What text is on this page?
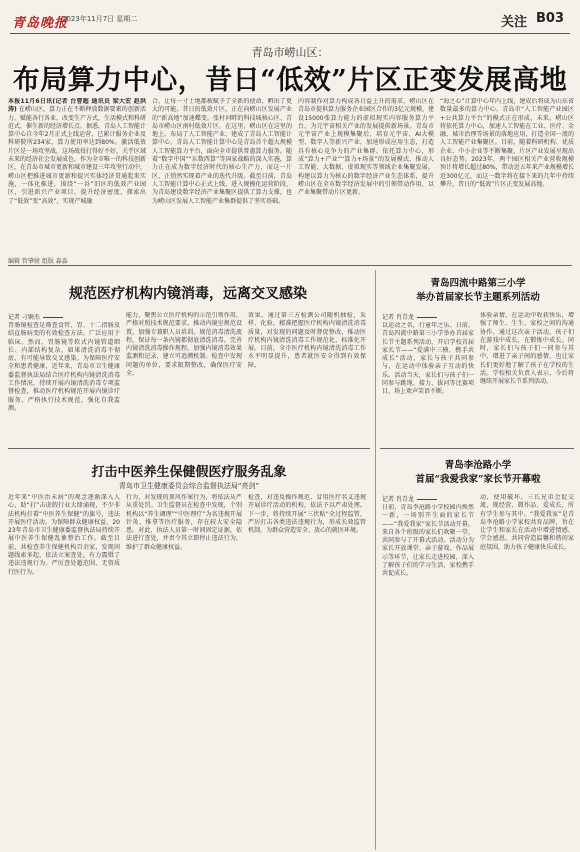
青岛晚报
2023年11月7日 星期二	关注 B03
青岛市崂山区：
布局算力中心，昔日“低效”片区正变发展高地
本报11月6日讯(记者 台曹超 通讯员 梁大宏 赵洪涛) 在崂山区，算力正在不断释放数据要素的创新活力，赋能各行各业，改变生产方式，生活模式和科研范式，催生新的经济增长点。据悉，青岛人工智能计算中心自今年2月正式上线运营，已累计服务企业及科研院所234家，算力使用率达到80%。激活低效片区是一场攻坚战，这场战役打得好不好，关乎区域未来的经济社会发展成色。作为全市唯一的科技创新区，在青岛市城市更新和城市建设三年攻坚行动中，崂山区把推进城市更新和提兴实体经济贯通起来实施，一体化推进，围绕“一谷”旧区的低效产业园区，引进新兴产业项目，提升经济密度，探索出了“低效”变“高效”，实现产城融
合，让每一寸土地都被赋予了全新的使命，孵出了更大的可能。昔日的低效片区，正在向崂山区发展产业的“新高地”加速蝶变。张村河畔的科技城核心区、青岛市崂山区南村低效片区，在这里，崂山区在这里的地上，布局了人工智能产业，建成了青岛人工智能计算中心，青岛人工智能计算中心是青岛首个超大规模人工智能算力平台，面向全市提供普惠算力服务。随着“数字中国”“东数西算”等国家战略的深入实施，算力正在成为数字经济时代的核心生产力，而这一片区，正悄然实现着产业的迭代升级。截至目前，青岛人工智能计算中心正式上线，进入规模化运营阶段，为青岛建设数字经济产业集聚区提供了算力支撑，也为崂山区发展人工智能产业集群提供了坚实基础。
内容制作对算力构成各日益上升的需求，崂山区在青岛市提供算力服务企业园区合作的3亿元规模，建设15000张算力能力的虚拟现实内容服务算力平台，为元宇宙相关产业的发展提供新场景。青岛市元宇宙产业上规模集聚后，培育元宇宙、AI大模型、数字人等新兴产业，加速形成应用生态，打造具有核心竞争力的产业集群。依托算力中心，形成“算力+产业”“算力+场景”的发展模式，推动人工智能、大数据、虚拟现实等领域企业集聚发展，构建以算力为核心的数字经济产业生态体系，提升崂山区在全市数字经济发展中的引领带动作用，以产业集聚带动片区更新。
“海之心”计算中心年内上线，建成后将成为山东省数量最多的算力中心，青岛市“人工智能产业园区+公共算力平台”的模式正在形成，未来，崂山区将依托算力中心，加速人工智能在工业、医疗、金融、城市治理等场景的落地应用，打造全国一流的人工智能产业集聚区。目前，随着科研机构、优质企业、中小企业等不断集聚，片区产业发展呈现出良好态势。2023年，两个园区相关产业营收规模预计将增长超过80%，带动近五年来产业规模增长近300亿元，而这一数字将在接下来的几年中持续攀升，昔日的“低效”片区正变发展高地。
编辑 管肇骏 组版 淼淼
规范医疗机构内镜消毒，远离交叉感染
记者 刁婀杰
胃肠镜检查是筛查食管、胃、十二指肠及结直肠病变的有效检查方法。广泛应用于临床。然而，胃肠镜等软式内镜管道细长、内部结构复杂，如果清洗消毒不彻底，有可能导致交叉感染。为保障医疗安全和患者健康，近年来，青岛市卫生健康委监督执法局结合医疗机构内镜清洗消毒工作情况，持续开展内镜清洗消毒专项监督检查，推动医疗机构规范开展内镜诊疗服务。严格执行技术规范，强化自我监测。
能力，聚焦公立医疗机构的示范引领作用，严格对照技术规范要求，推动内镜室规范设置，加强专兼职人员培训。规范消毒清洗流程，保证每一条内镜都彻底清洗消毒。完善内镜清洗消毒操作规程，加强内镜消毒效果监测和记录，建立可追溯机制。检查中发现问题的单位，要求限期整改，确保医疗安全。
效果，通过第三方检测公司随机抽检，采样、化验，精准把握医疗机构内镜清洗消毒质量，对发现的问题及时督促整改，推动医疗机构内镜清洗消毒工作规范化、标准化开展。目前，全市医疗机构内镜清洗消毒工作水平明显提升，患者就医安全得到有效保障。
打击中医养生保健假医疗服务乱象
青岛市卫生健康委员会综合监督执法局“亮剑”
近年来“中医治未病”的观念逐渐深入人心，助“打”击虚假行业大肆涌现，不少非法机构打着“中医养生保健”的旗号，违法开展医疗活动。为保障群众健康权益，2023年青岛市卫生健康委监督执法局持续开展中医养生保健乱象整治工作。截至目前，共检查养生保健机构百余家，发现问题线索多起，依法立案查处，有力震慑了违法违规行为。严厉查处超范围、无资质行医行为。
行为，对发现的顶风作案行为，将依法从严从重处罚。卫生监督员在检查中发现，个别机构以“养生调理”“中医理疗”为名违规开展针灸、推拿等医疗服务，存在较大安全隐患。对此，执法人员第一时间固定证据，依法进行查处，并责令其立即停止违法行为，维护了群众健康权益。
检查，对违反操作规范、冒用医疗名义违规开展诊疗活动的机构，依法予以严肃处理。下一步，将持续开展“三伏贴”全过程监管，严厉打击各类违法违规行为，形成长效监管机制，为群众营造安全、放心的就医环境。
青岛四流中路第三小学
举办首届家长节主题系列活动
记者 肖青龙
以运动之名，行童年之乐。日前，青岛四流中路第三小学举办首届家长节主题系列活动，开启学校首届家长节——“爱满中三横，携手共成长”活动，家长与孩子共同参与，在运动中体验亲子互动的快乐。活动当天，家长们与孩子们一同参与跳绳、接力、拔河等比赛项目，场上欢声笑语不断。
体验亲情，在运动中收获快乐，增强了师生、生生、家校之间的沟通协作。通过这次亲子活动，孩子们在游戏中成长，在锻炼中成长。同时，家长们与孩子们一同参与其中，增进了亲子间的感情，也让家长们更好地了解了孩子在学校的生活。学校相关负责人表示，今后将继续开展家长节系列活动。
青岛李沧路小学
首届“我爱我家”家长节开幕啦
记者 肖青龙
日前，青岛李沧路小学校园内焕然一新，一场别开生面的家长节——“我爱我家”家长节活动开幕，来自各个班级的家长们欢聚一堂，共同参与了开幕式活动。活动分为家长开放课堂、亲子游戏、作品展示等环节，让家长走进校园，深入了解孩子们的学习生活，家校携手共促成长。
动，使用破坏、三长兄弟会促交流、现经营、微作品、爱成长，所有学生参与其中。“我爱我家”是青岛李沧路小学家校共育品牌，旨在让学生和家长在活动中增进情感，学会感恩，共同营造温馨和谐的家庭氛围，助力孩子健康快乐成长。
